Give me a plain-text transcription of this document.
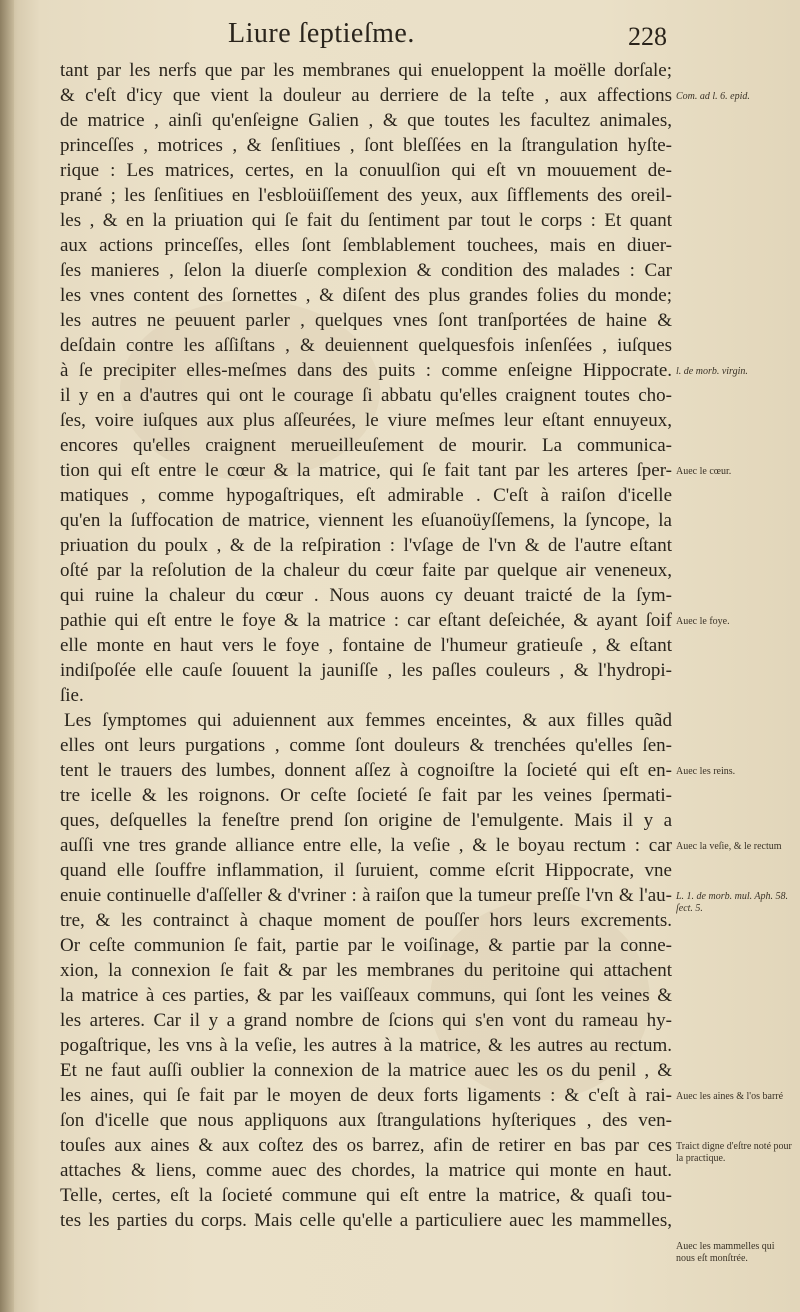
Liure ſeptieſme.	228
tant par les nerfs que par les membranes qui enueloppent la moëlle dorſale;
& c'eſt d'icy que vient la douleur au derriere de la teſte , aux affections
de matrice , ainſi qu'enſeigne Galien , & que toutes les facultez animales,
princeſſes , motrices , & ſenſitiues , ſont bleſſées en la ſtrangulation hyſte-
rique : Les matrices, certes, en la conuulſion qui eſt vn mouuement de-
prané ; les ſenſitiues en l'esbloüiſſement des yeux, aux ſifflements des oreil-
les , & en la priuation qui ſe fait du ſentiment par tout le corps : Et quant
aux actions princeſſes, elles ſont ſemblablement touchees, mais en diuer-
ſes manieres , ſelon la diuerſe complexion & condition des malades : Car
les vnes content des ſornettes , & diſent des plus grandes folies du monde;
les autres ne peuuent parler , quelques vnes ſont tranſportées de haine &
deſdain contre les aſſiſtans , & deuiennent quelquesfois inſenſées , iuſques
à ſe precipiter elles-meſmes dans des puits : comme enſeigne Hippocrate.
il y en a d'autres qui ont le courage ſi abbatu qu'elles craignent toutes cho-
ſes, voire iuſques aux plus aſſeurées, le viure meſmes leur eſtant ennuyeux,
encores qu'elles craignent merueilleuſement de mourir. La communica-
tion qui eſt entre le cœur & la matrice, qui ſe fait tant par les arteres ſper-
matiques , comme hypogaſtriques, eſt admirable . C'eſt à raiſon d'icelle
qu'en la ſuffocation de matrice, viennent les eſuanoüyſſemens, la ſyncope, la
priuation du poulx , & de la reſpiration : l'vſage de l'vn & de l'autre eſtant
oſté par la reſolution de la chaleur du cœur faite par quelque air veneneux,
qui ruine la chaleur du cœur . Nous auons cy deuant traicté de la ſym-
pathie qui eſt entre le foye & la matrice : car eſtant deſeichée, & ayant ſoif
elle monte en haut vers le foye , fontaine de l'humeur gratieuſe , & eſtant
indiſpoſée elle cauſe ſouuent la jauniſſe , les paſles couleurs , & l'hydropi-
ſie.
Les ſymptomes qui aduiennent aux femmes enceintes, & aux filles quãd
elles ont leurs purgations , comme ſont douleurs & trenchées qu'elles ſen-
tent le trauers des lumbes, donnent aſſez à cognoiſtre la ſocieté qui eſt en-
tre icelle & les roignons. Or ceſte ſocieté ſe fait par les veines ſpermati-
ques, deſquelles la feneſtre prend ſon origine de l'emulgente. Mais il y a
auſſi vne tres grande alliance entre elle, la veſie , & le boyau rectum : car
quand elle ſouffre inflammation, il ſuruient, comme eſcrit Hippocrate, vne
enuie continuelle d'aſſeller & d'vriner : à raiſon que la tumeur preſſe l'vn & l'au-
tre, & les contrainct à chaque moment de pouſſer hors leurs excrements.
Or ceſte communion ſe fait, partie par le voiſinage, & partie par la conne-
xion, la connexion ſe fait & par les membranes du peritoine qui attachent
la matrice à ces parties, & par les vaiſſeaux communs, qui ſont les veines &
les arteres. Car il y a grand nombre de ſcions qui s'en vont du rameau hy-
pogaſtrique, les vns à la veſie, les autres à la matrice, & les autres au rectum.
Et ne faut auſſi oublier la connexion de la matrice auec les os du penil , &
les aines, qui ſe fait par le moyen de deux forts ligaments : & c'eſt à rai-
ſon d'icelle que nous appliquons aux ſtrangulations hyſteriques , des ven-
touſes aux aines & aux coſtez des os barrez, afin de retirer en bas par ces
attaches & liens, comme auec des chordes, la matrice qui monte en haut.
Telle, certes, eſt la ſocieté commune qui eſt entre la matrice, & quaſi tou-
tes les parties du corps. Mais celle qu'elle a particuliere auec les mammelles,
Com. ad l. 6. epid.
l. de morb. virgin.
Auec le cœur.
Auec le foye.
Auec les reins.
Auec la veſie, & le rectum
L. 1. de morb. mul. Aph. 58. ſect. 5.
Auec les aines & l'os barré
Traict digne d'eſtre noté pour la practique.
Auec les mammelles qui nous eſt monſtrée.
